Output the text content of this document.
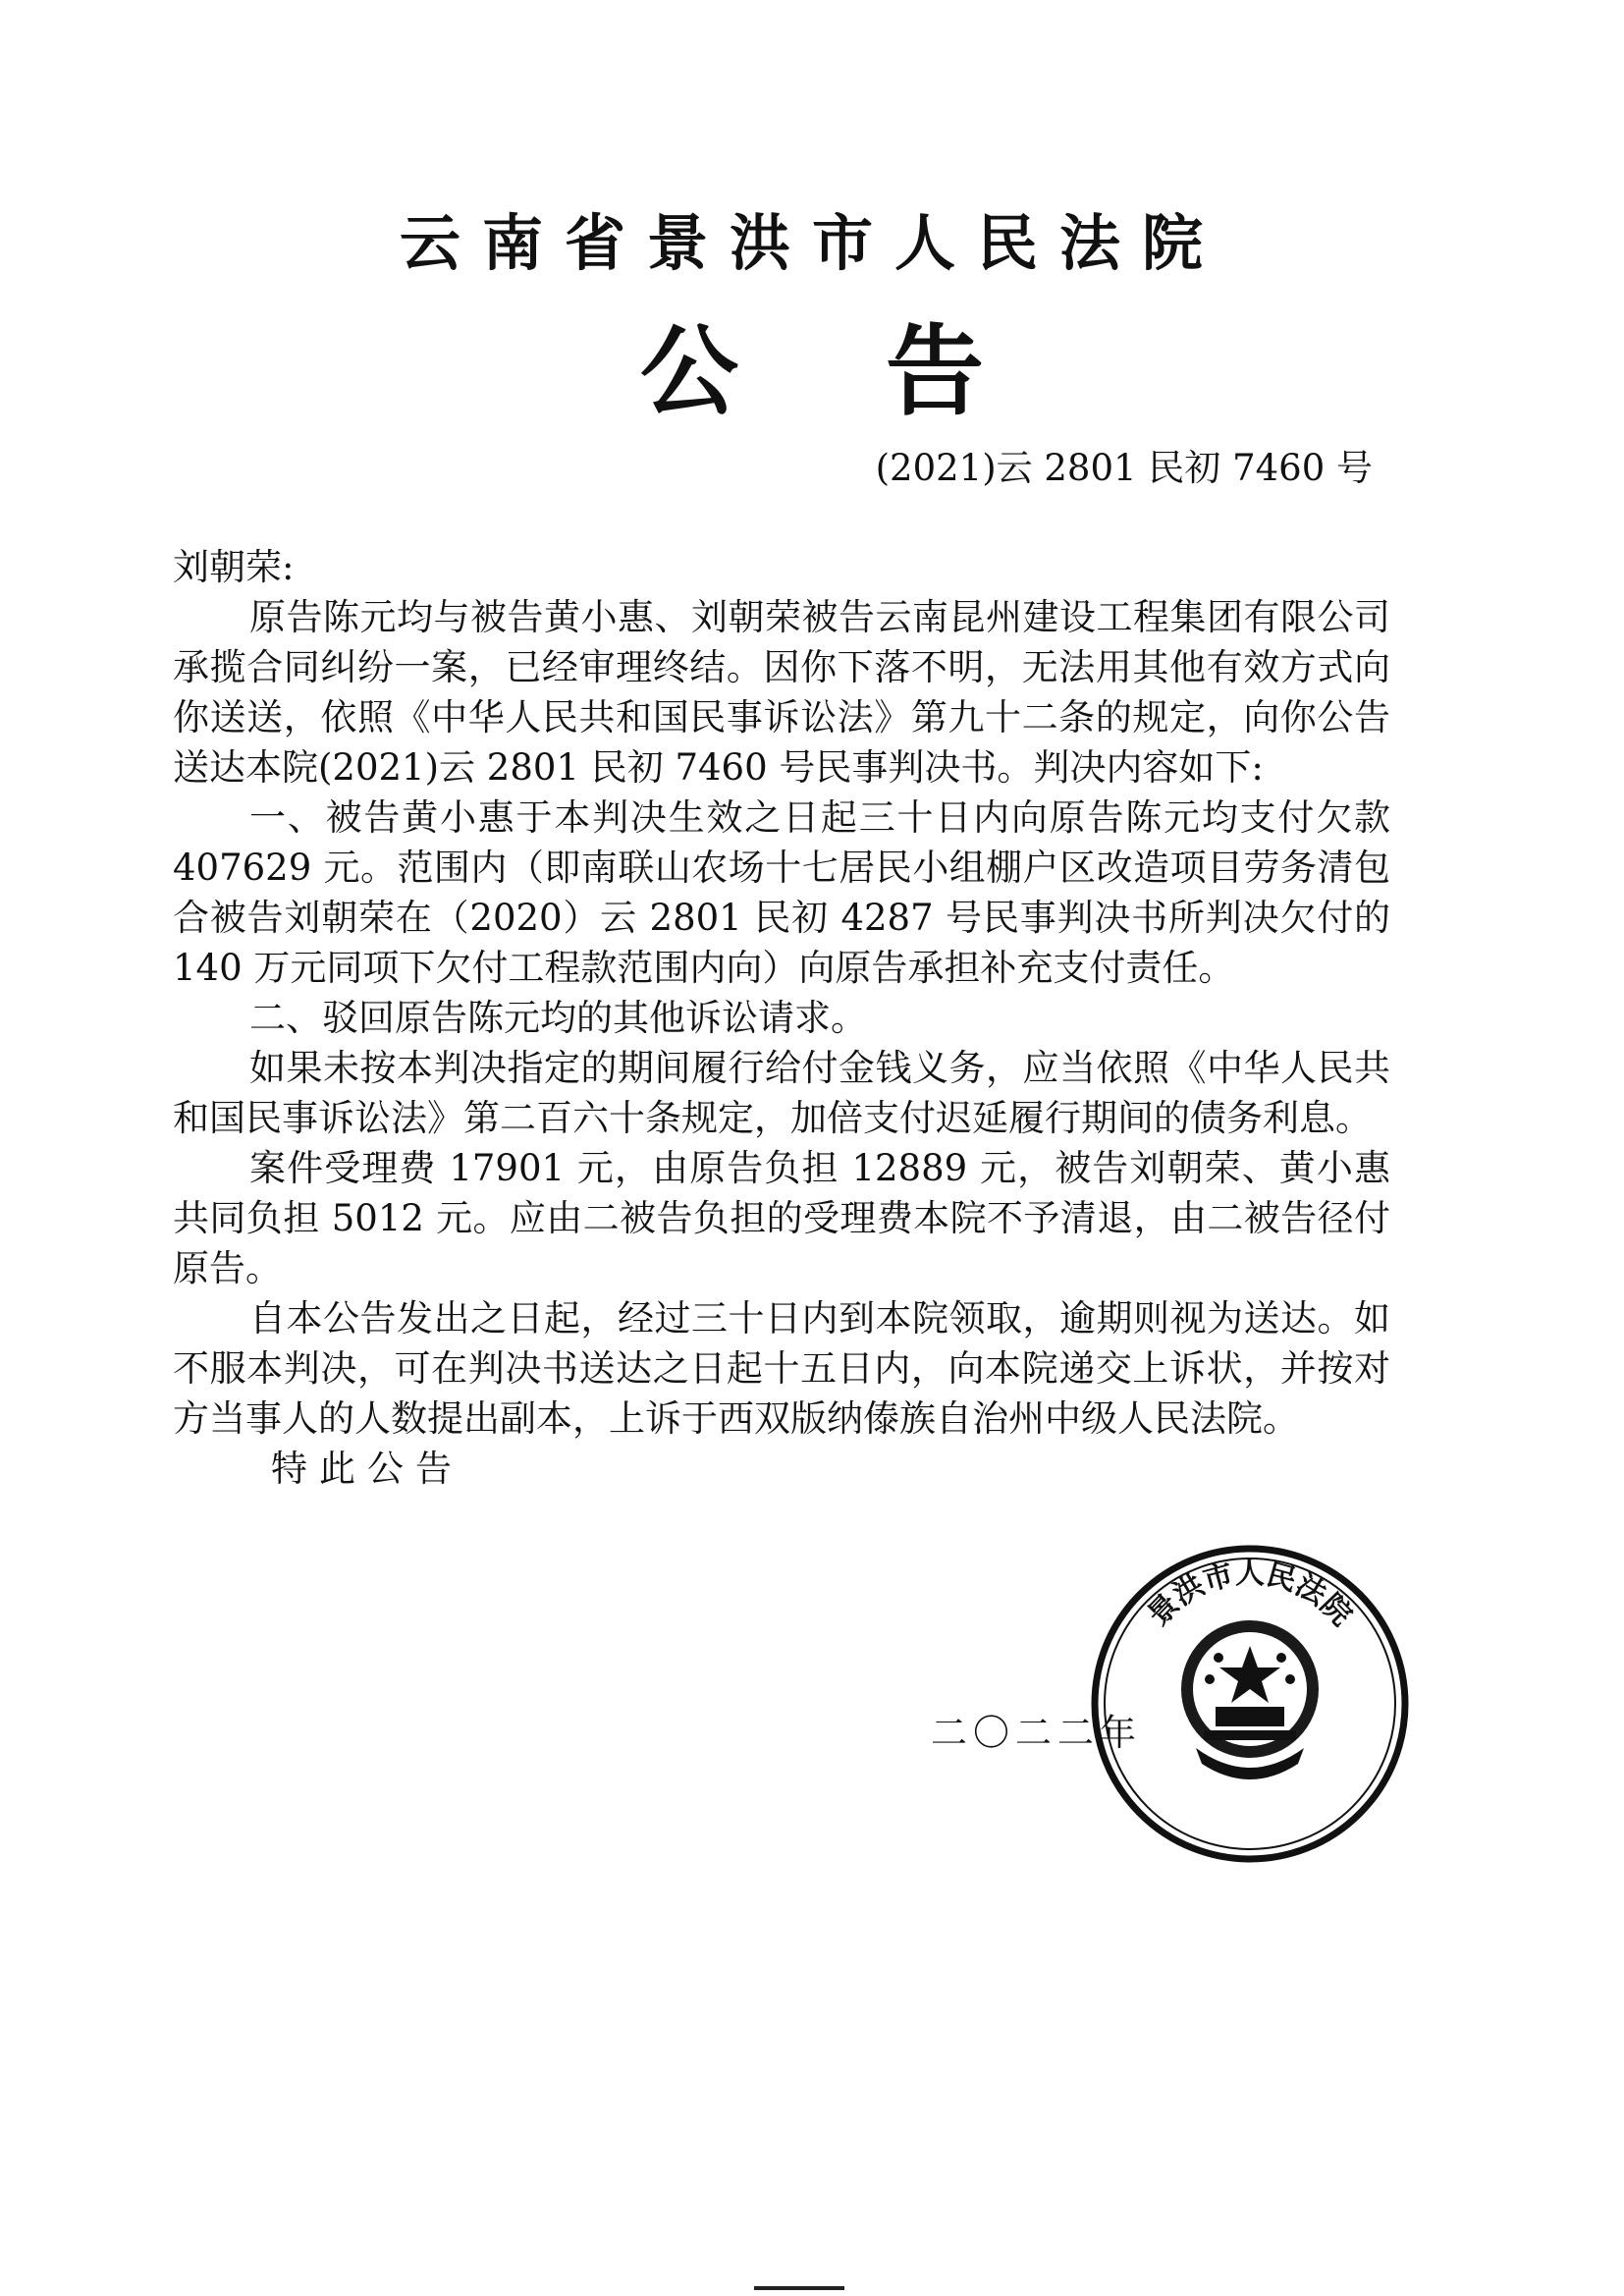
云南省景洪市人民法院
公告
(2021)云 2801 民初 7460 号

刘朝荣:

原告陈元均与被告黄小惠、刘朝荣被告云南昆州建设工程集团有限公司承揽合同纠纷一案，已经审理终结。因你下落不明，无法用其他有效方式向你送送，依照《中华人民共和国民事诉讼法》第九十二条的规定，向你公告送达本院(2021)云 2801 民初 7460 号民事判决书。判决内容如下:

一、被告黄小惠于本判决生效之日起三十日内向原告陈元均支付欠款 407629 元。范围内（即南联山农场十七居民小组棚户区改造项目劳务清包合被告刘朝荣在（2020）云 2801 民初 4287 号民事判决书所判决欠付的 140 万元同项下欠付工程款范围内向）向原告承担补充支付责任。

二、驳回原告陈元均的其他诉讼请求。

如果未按本判决指定的期间履行给付金钱义务，应当依照《中华人民共和国民事诉讼法》第二百六十条规定，加倍支付迟延履行期间的债务利息。

案件受理费 17901 元，由原告负担 12889 元，被告刘朝荣、黄小惠共同负担 5012 元。应由二被告负担的受理费本院不予清退，由二被告径付原告。

自本公告发出之日起，经过三十日内到本院领取，逾期则视为送达。如不服本判决，可在判决书送达之日起十五日内，向本院递交上诉状，并按对方当事人的人数提出副本，上诉于西双版纳傣族自治州中级人民法院。

特此公告

二〇二二年
景洪市人民法院
